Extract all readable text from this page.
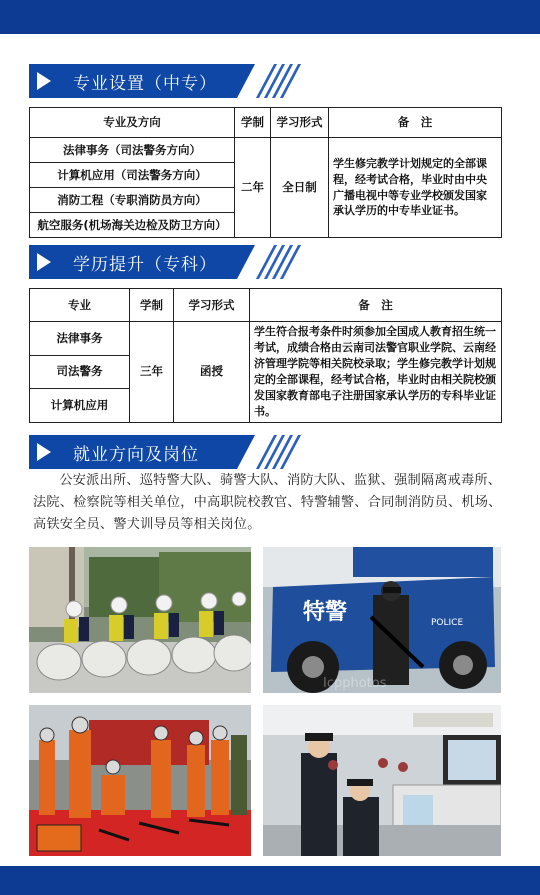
专业设置（中专）
专业及方向	学制	学习形式	备　注
法律事务（司法警务方向）	二年	全日制	学生修完教学计划规定的全部课程，经考试合格，毕业时由中央广播电视中等专业学校颁发国家承认学历的中专毕业证书。
计算机应用（司法警务方向）			
消防工程（专职消防员方向）			
航空服务(机场海关边检及防卫方向）			
学历提升（专科）
专业	学制	学习形式	备　注
法律事务	三年	函授	学生符合报考条件时须参加全国成人教育招生统一考试，成绩合格由云南司法警官职业学院、云南经济管理学院等相关院校录取；学生修完教学计划规定的全部课程，经考试合格，毕业时由相关院校颁发国家教育部电子注册国家承认学历的专科毕业证书。
司法警务			
计算机应用			
就业方向及岗位

公安派出所、巡特警大队、骑警大队、消防大队、监狱、强制隔离戒毒所、法院、检察院等相关单位，中高职院校教官、特警辅警、合同制消防员、机场、高铁安全员、警犬训导员等相关岗位。

特警	POLICE
Icpphotos
